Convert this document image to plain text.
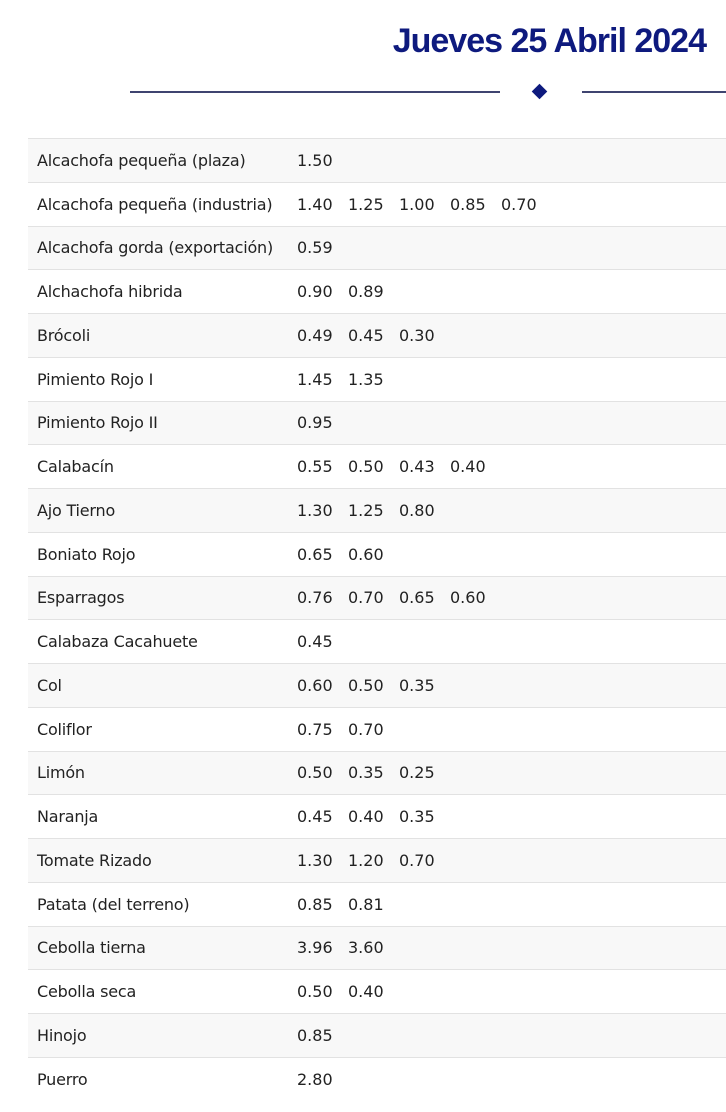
Jueves 25 Abril 2024
Alcachofa pequeña (plaza)	1.50					
Alcachofa pequeña (industria)	1.40	1.25	1.00	0.85	0.70	
Alcachofa gorda (exportación)	0.59					
Alchachofa hibrida	0.90	0.89				
Brócoli	0.49	0.45	0.30			
Pimiento Rojo I	1.45	1.35				
Pimiento Rojo II	0.95					
Calabacín	0.55	0.50	0.43	0.40		
Ajo Tierno	1.30	1.25	0.80			
Boniato Rojo	0.65	0.60				
Esparragos	0.76	0.70	0.65	0.60		
Calabaza Cacahuete	0.45					
Col	0.60	0.50	0.35			
Coliflor	0.75	0.70				
Limón	0.50	0.35	0.25			
Naranja	0.45	0.40	0.35			
Tomate Rizado	1.30	1.20	0.70			
Patata (del terreno)	0.85	0.81				
Cebolla tierna	3.96	3.60				
Cebolla seca	0.50	0.40				
Hinojo	0.85					
Puerro	2.80					
